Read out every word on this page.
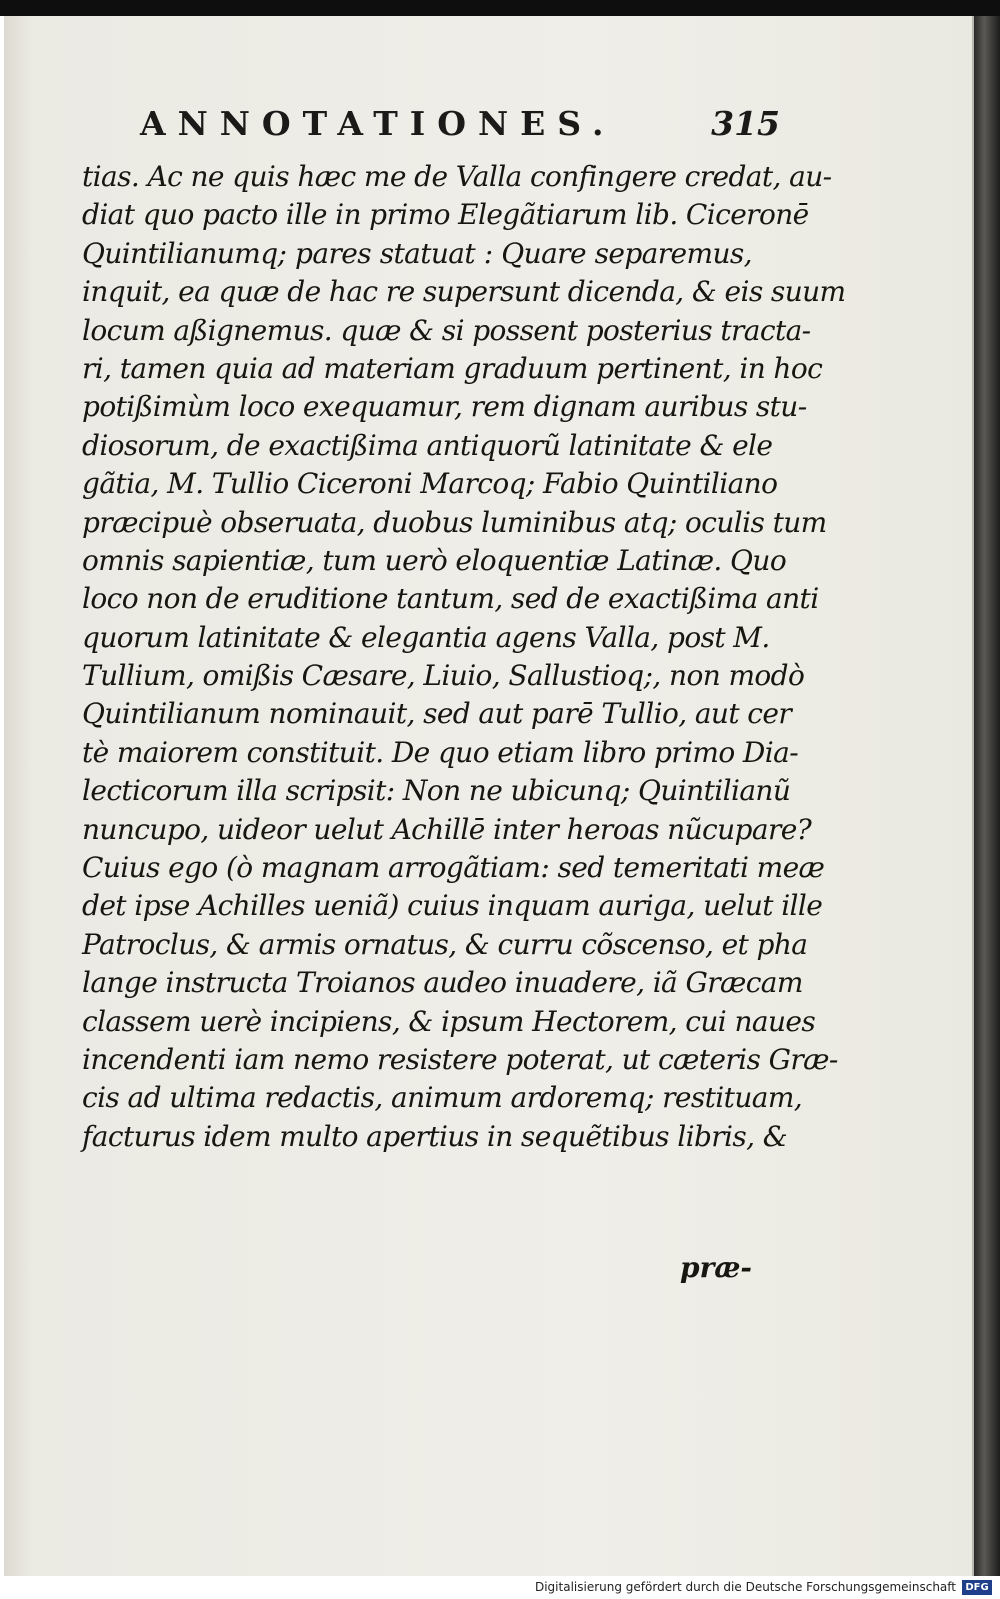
ANNOTATIONES.	315
tias. Ac ne quis hæc me de Valla confingere credat, au-
diat quo pacto ille in primo Elegãtiarum lib. Ciceronē
Quintilianumq; pares statuat : Quare separemus,
inquit, ea quæ de hac re supersunt dicenda, & eis suum
locum aßignemus. quæ & si possent posterius tracta-
ri, tamen quia ad materiam graduum pertinent, in hoc
potißimùm loco exequamur, rem dignam auribus stu-
diosorum, de exactißima antiquorũ latinitate & ele
gãtia, M. Tullio Ciceroni Marcoq; Fabio Quintiliano
præcipuè obseruata, duobus luminibus atq; oculis tum
omnis sapientiæ, tum uerò eloquentiæ Latinæ. Quo
loco non de eruditione tantum, sed de exactißima anti
quorum latinitate & elegantia agens Valla, post M.
Tullium, omißis Cæsare, Liuio, Sallustioq;, non modò
Quintilianum nominauit, sed aut parē Tullio, aut cer
tè maiorem constituit. De quo etiam libro primo Dia-
lecticorum illa scripsit: Non ne ubicunq; Quintilianũ
nuncupo, uideor uelut Achillē inter heroas nũcupare?
Cuius ego (ò magnam arrogãtiam: sed temeritati meæ
det ipse Achilles ueniã) cuius inquam auriga, uelut ille
Patroclus, & armis ornatus, & curru cõscenso, et pha
lange instructa Troianos audeo inuadere, iã Græcam
classem uerè incipiens, & ipsum Hectorem, cui naues
incendenti iam nemo resistere poterat, ut cæteris Græ-
cis ad ultima redactis, animum ardoremq; restituam,
facturus idem multo apertius in sequẽtibus libris, &
præ-
Digitalisierung gefördert durch die Deutsche Forschungsgemeinschaft DFG
